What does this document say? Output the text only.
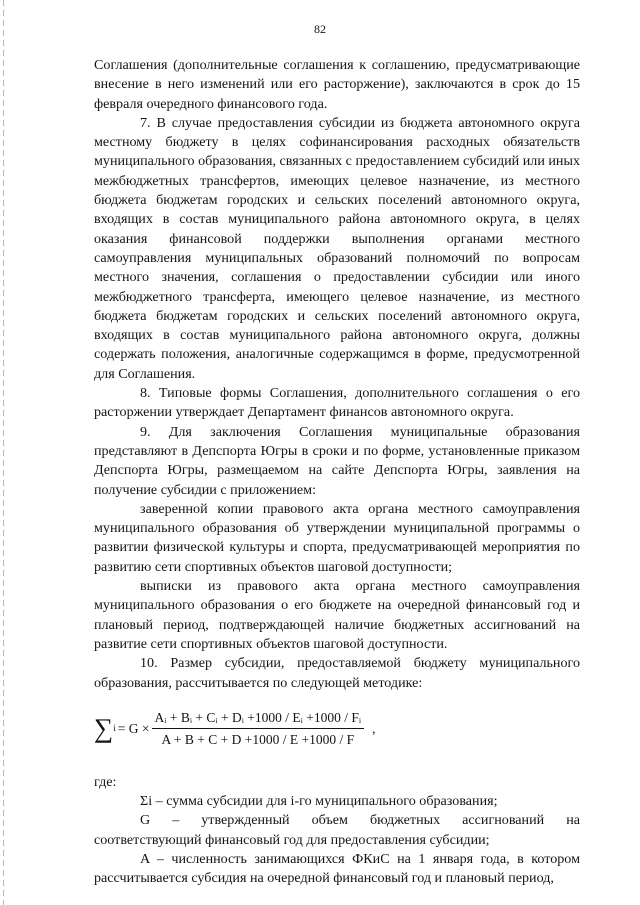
82

Соглашения (дополнительные соглашения к соглашению, предусматривающие внесение в него изменений или его расторжение), заключаются в срок до 15 февраля очередного финансового года.

7. В случае предоставления субсидии из бюджета автономного округа местному бюджету в целях софинансирования расходных обязательств муниципального образования, связанных с предоставлением субсидий или иных межбюджетных трансфертов, имеющих целевое назначение, из местного бюджета бюджетам городских и сельских поселений автономного округа, входящих в состав муниципального района автономного округа, в целях оказания финансовой поддержки выполнения органами местного самоуправления муниципальных образований полномочий по вопросам местного значения, соглашения о предоставлении субсидии или иного межбюджетного трансферта, имеющего целевое назначение, из местного бюджета бюджетам городских и сельских поселений автономного округа, входящих в состав муниципального района автономного округа, должны содержать положения, аналогичные содержащимся в форме, предусмотренной для Соглашения.

8. Типовые формы Соглашения, дополнительного соглашения о его расторжении утверждает Департамент финансов автономного округа.

9. Для заключения Соглашения муниципальные образования представляют в Депспорта Югры в сроки и по форме, установленные приказом Депспорта Югры, размещаемом на сайте Депспорта Югры, заявления на получение субсидии с приложением:

заверенной копии правового акта органа местного самоуправления муниципального образования об утверждении муниципальной программы о развитии физической культуры и спорта, предусматривающей мероприятия по развитию сети спортивных объектов шаговой доступности;

выписки из правового акта органа местного самоуправления муниципального образования о его бюджете на очередной финансовый год и плановый период, подтверждающей наличие бюджетных ассигнований на развитие сети спортивных объектов шаговой доступности.

10. Размер субсидии, предоставляемой бюджету муниципального образования, рассчитывается по следующей методике:

∑ $i = G \times \frac{\text{Aᵢ + Bᵢ + Cᵢ + Dᵢ +1000 / Eᵢ +1000 / Fᵢ}}{A + B + C + D +1000 / E +1000 / F}$ ,

где:

Σi – сумма субсидии для i-го муниципального образования;

G – утвержденный объем бюджетных ассигнований на соответствующий финансовый год для предоставления субсидии;

A – численность занимающихся ФКиС на 1 января года, в котором рассчитывается субсидия на очередной финансовый год и плановый период,
